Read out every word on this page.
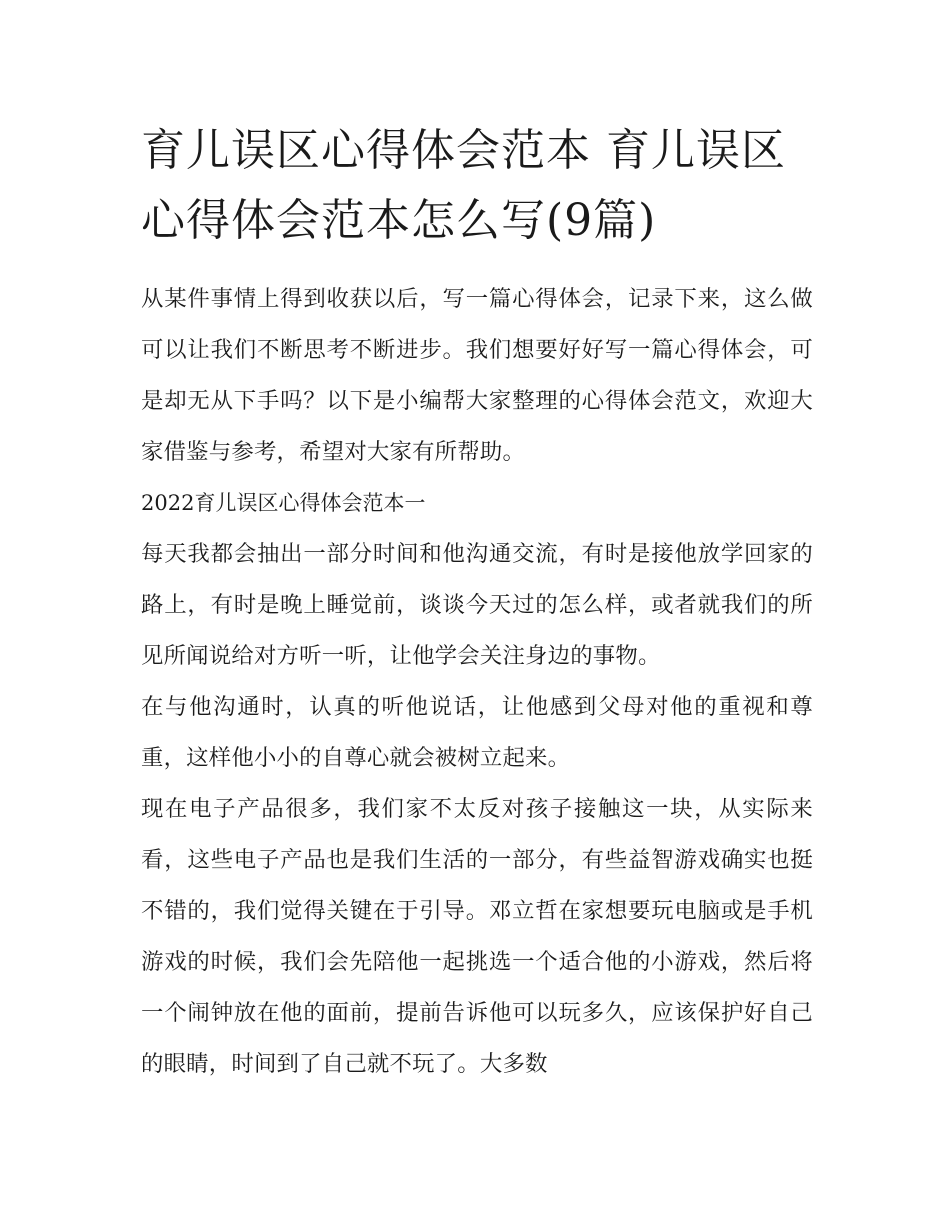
育儿误区心得体会范本 育儿误区心得体会范本怎么写(9篇)

从某件事情上得到收获以后，写一篇心得体会，记录下来，这么做可以让我们不断思考不断进步。我们想要好好写一篇心得体会，可是却无从下手吗？以下是小编帮大家整理的心得体会范文，欢迎大家借鉴与参考，希望对大家有所帮助。

2022育儿误区心得体会范本一

每天我都会抽出一部分时间和他沟通交流，有时是接他放学回家的路上，有时是晚上睡觉前，谈谈今天过的怎么样，或者就我们的所见所闻说给对方听一听，让他学会关注身边的事物。

在与他沟通时，认真的听他说话，让他感到父母对他的重视和尊重，这样他小小的自尊心就会被树立起来。

现在电子产品很多，我们家不太反对孩子接触这一块，从实际来看，这些电子产品也是我们生活的一部分，有些益智游戏确实也挺不错的，我们觉得关键在于引导。邓立哲在家想要玩电脑或是手机游戏的时候，我们会先陪他一起挑选一个适合他的小游戏，然后将一个闹钟放在他的面前，提前告诉他可以玩多久，应该保护好自己的眼睛，时间到了自己就不玩了。大多数
